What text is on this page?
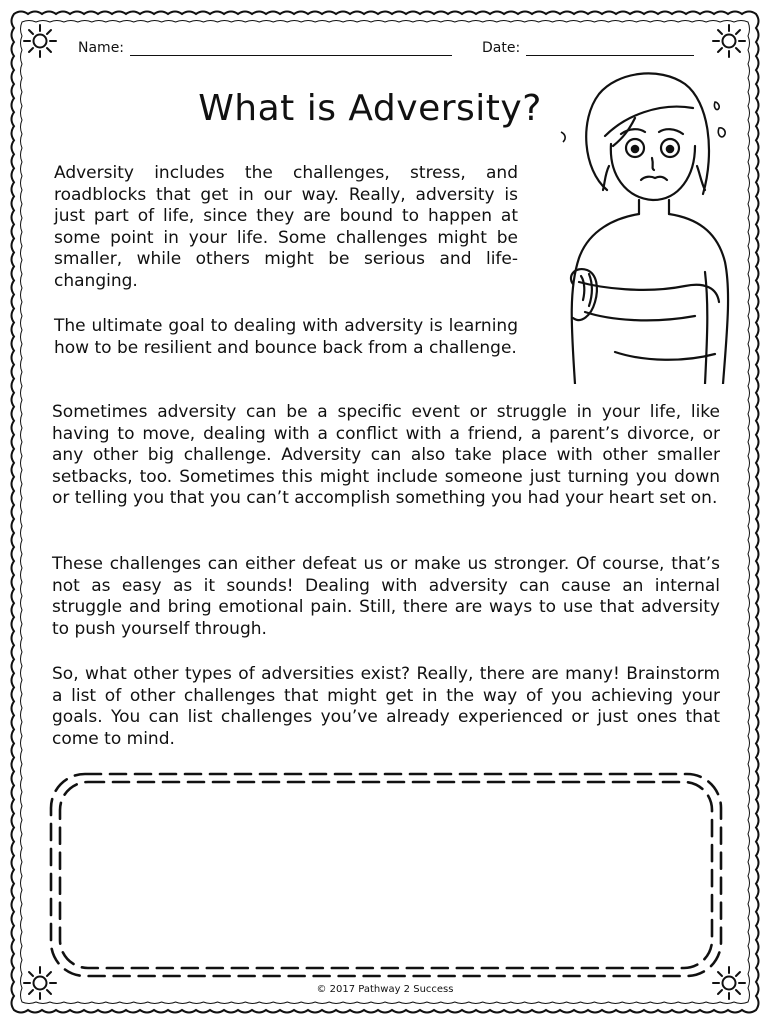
Name:	Date:
What is Adversity?

Adversity includes the challenges, stress, and roadblocks that get in our way. Really, adversity is just part of life, since they are bound to happen at some point in your life. Some challenges might be smaller, while others might be serious and life-changing.

The ultimate goal to dealing with adversity is learning how to be resilient and bounce back from a challenge.

Sometimes adversity can be a specific event or struggle in your life, like having to move, dealing with a conflict with a friend, a parent’s divorce, or any other big challenge. Adversity can also take place with other smaller setbacks, too. Sometimes this might include someone just turning you down or telling you that you can’t accomplish something you had your heart set on.

These challenges can either defeat us or make us stronger. Of course, that’s not as easy as it sounds! Dealing with adversity can cause an internal struggle and bring emotional pain. Still, there are ways to use that adversity to push yourself through.

So, what other types of adversities exist? Really, there are many! Brainstorm a list of other challenges that might get in the way of you achieving your goals. You can list challenges you’ve already experienced or just ones that come to mind.

© 2017 Pathway 2 Success
